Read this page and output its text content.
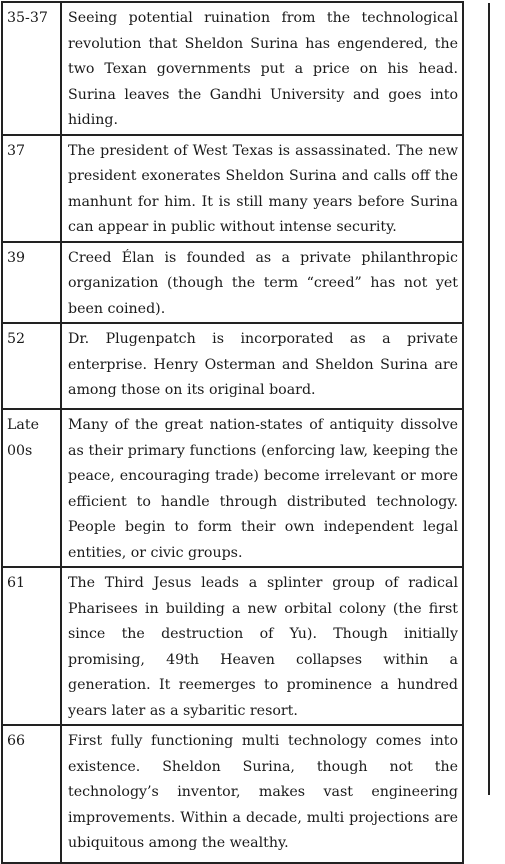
35-37	Seeing potential ruination from the technological revolution that Sheldon Surina has engendered, the two Texan governments put a price on his head. Surina leaves the Gandhi University and goes into hiding.
37	The president of West Texas is assassinated. The new president exonerates Sheldon Surina and calls off the manhunt for him. It is still many years before Surina can appear in public without intense security.
39	Creed Élan is founded as a private philanthropic organization (though the term “creed” has not yet been coined).
52	Dr. Plugenpatch is incorporated as a private enterprise. Henry Osterman and Sheldon Surina are among those on its original board.
Late 00s	Many of the great nation-states of antiquity dissolve as their primary functions (enforcing law, keeping the peace, encouraging trade) become irrelevant or more efficient to handle through distributed technology. People begin to form their own independent legal entities, or civic groups.
61	The Third Jesus leads a splinter group of radical Pharisees in building a new orbital colony (the first since the destruction of Yu). Though initially promising, 49th Heaven collapses within a generation. It reemerges to prominence a hundred years later as a sybaritic resort.
66	First fully functioning multi technology comes into existence. Sheldon Surina, though not the technology’s inventor, makes vast engineering improvements. Within a decade, multi projections are ubiquitous among the wealthy.
